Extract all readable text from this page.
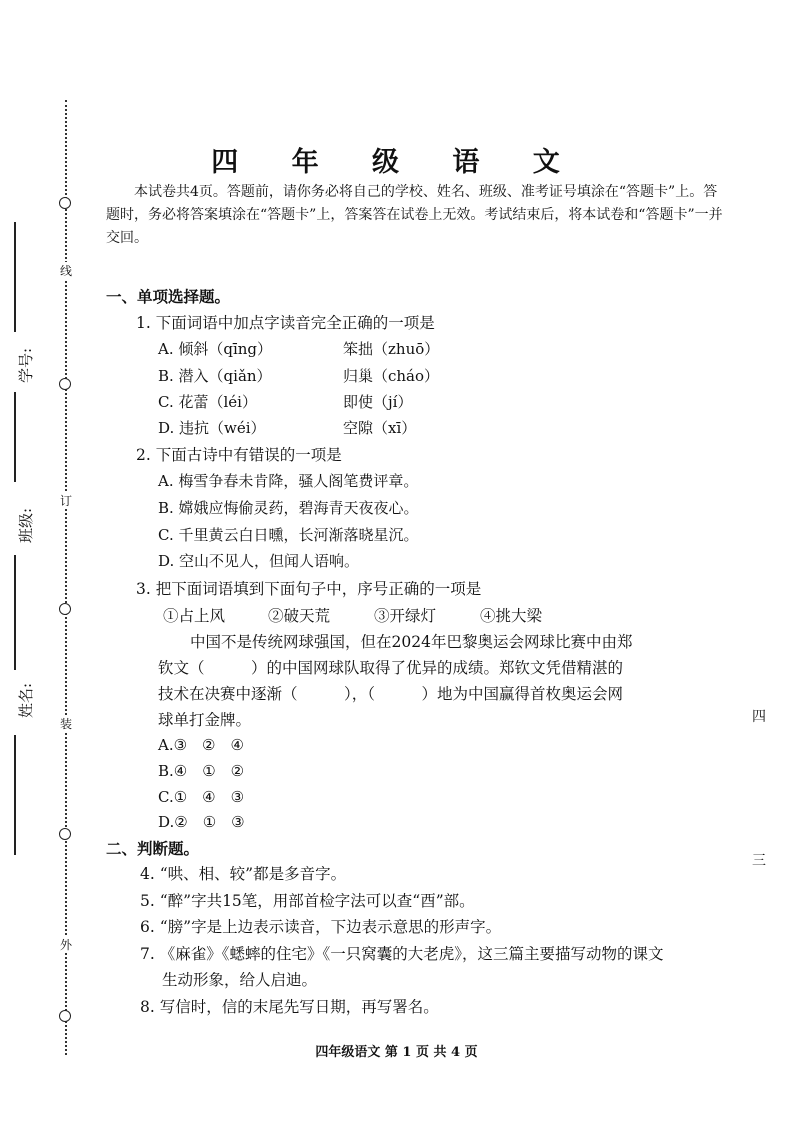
线
订
装
外
学号:
班级:
姓名:
四 年 级 语 文
本试卷共4页。答题前，请你务必将自己的学校、姓名、班级、准考证号填涂在“答题卡”上。答题时，务必将答案填涂在“答题卡”上，答案答在试卷上无效。考试结束后，将本试卷和“答题卡”一并交回。
一、单项选择题。
1. 下面词语中加点字读音完全正确的一项是
A. 倾斜（qīng）	笨拙（zhuō）
B. 潜入（qiǎn）	归巢（cháo）
C. 花蕾（léi）	即使（jí）
D. 违抗（wéi）	空隙（xī）
2. 下面古诗中有错误的一项是
A. 梅雪争春未肯降，骚人阁笔费评章。
B. 嫦娥应悔偷灵药，碧海青天夜夜心。
C. 千里黄云白日曛，长河渐落晓星沉。
D. 空山不见人，但闻人语响。
3. 把下面词语填到下面句子中，序号正确的一项是
①占上风	②破天荒	③开绿灯	④挑大梁
中国不是传统网球强国，但在2024年巴黎奥运会网球比赛中由郑
钦文（　　　）的中国网球队取得了优异的成绩。郑钦文凭借精湛的
技术在决赛中逐渐（　　　），（　　　）地为中国赢得首枚奥运会网
球单打金牌。
A.③　②　④
B.④　①　②
C.①　④　③
D.②　①　③
二、判断题。
4. “哄、相、较”都是多音字。
5. “醉”字共15笔，用部首检字法可以查“酉”部。
6. “膀”字是上边表示读音，下边表示意思的形声字。
7. 《麻雀》《蟋蟀的住宅》《一只窝囊的大老虎》，这三篇主要描写动物的课文
生动形象，给人启迪。
8. 写信时，信的末尾先写日期，再写署名。
四年级语文 第 1 页 共 4 页
四
三
